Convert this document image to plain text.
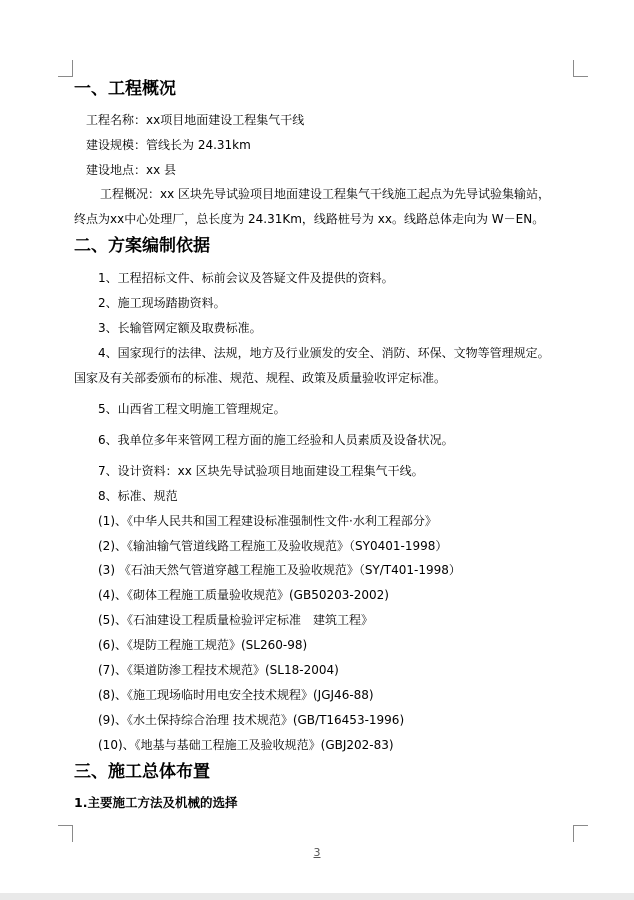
一、工程概况
工程名称：xx项目地面建设工程集气干线
建设规模：管线长为 24.31km
建设地点：xx 县
工程概况：xx 区块先导试验项目地面建设工程集气干线施工起点为先导试验集输站，
终点为xx中心处理厂，总长度为 24.31Km，线路桩号为 xx。线路总体走向为 W－EN。
二、方案编制依据
1、工程招标文件、标前会议及答疑文件及提供的资料。
2、施工现场踏勘资料。
3、长输管网定额及取费标准。
4、国家现行的法律、法规，地方及行业颁发的安全、消防、环保、文物等管理规定。
国家及有关部委颁布的标准、规范、规程、政策及质量验收评定标准。
5、山西省工程文明施工管理规定。
6、我单位多年来管网工程方面的施工经验和人员素质及设备状况。
7、设计资料：xx 区块先导试验项目地面建设工程集气干线。
8、标准、规范
(1)、《中华人民共和国工程建设标准强制性文件·水利工程部分》
(2)、《输油输气管道线路工程施工及验收规范》（SY0401-1998）
(3) 《石油天然气管道穿越工程施工及验收规范》（SY/T401-1998）
(4)、《砌体工程施工质量验收规范》(GB50203-2002)
(5)、《石油建设工程质量检验评定标准　建筑工程》
(6)、《堤防工程施工规范》(SL260-98)
(7)、《渠道防渗工程技术规范》(SL18-2004)
(8)、《施工现场临时用电安全技术规程》(JGJ46-88)
(9)、《水土保持综合治理 技术规范》(GB/T16453-1996)
(10)、《地基与基础工程施工及验收规范》(GBJ202-83)
三、施工总体布置
1.主要施工方法及机械的选择
3
